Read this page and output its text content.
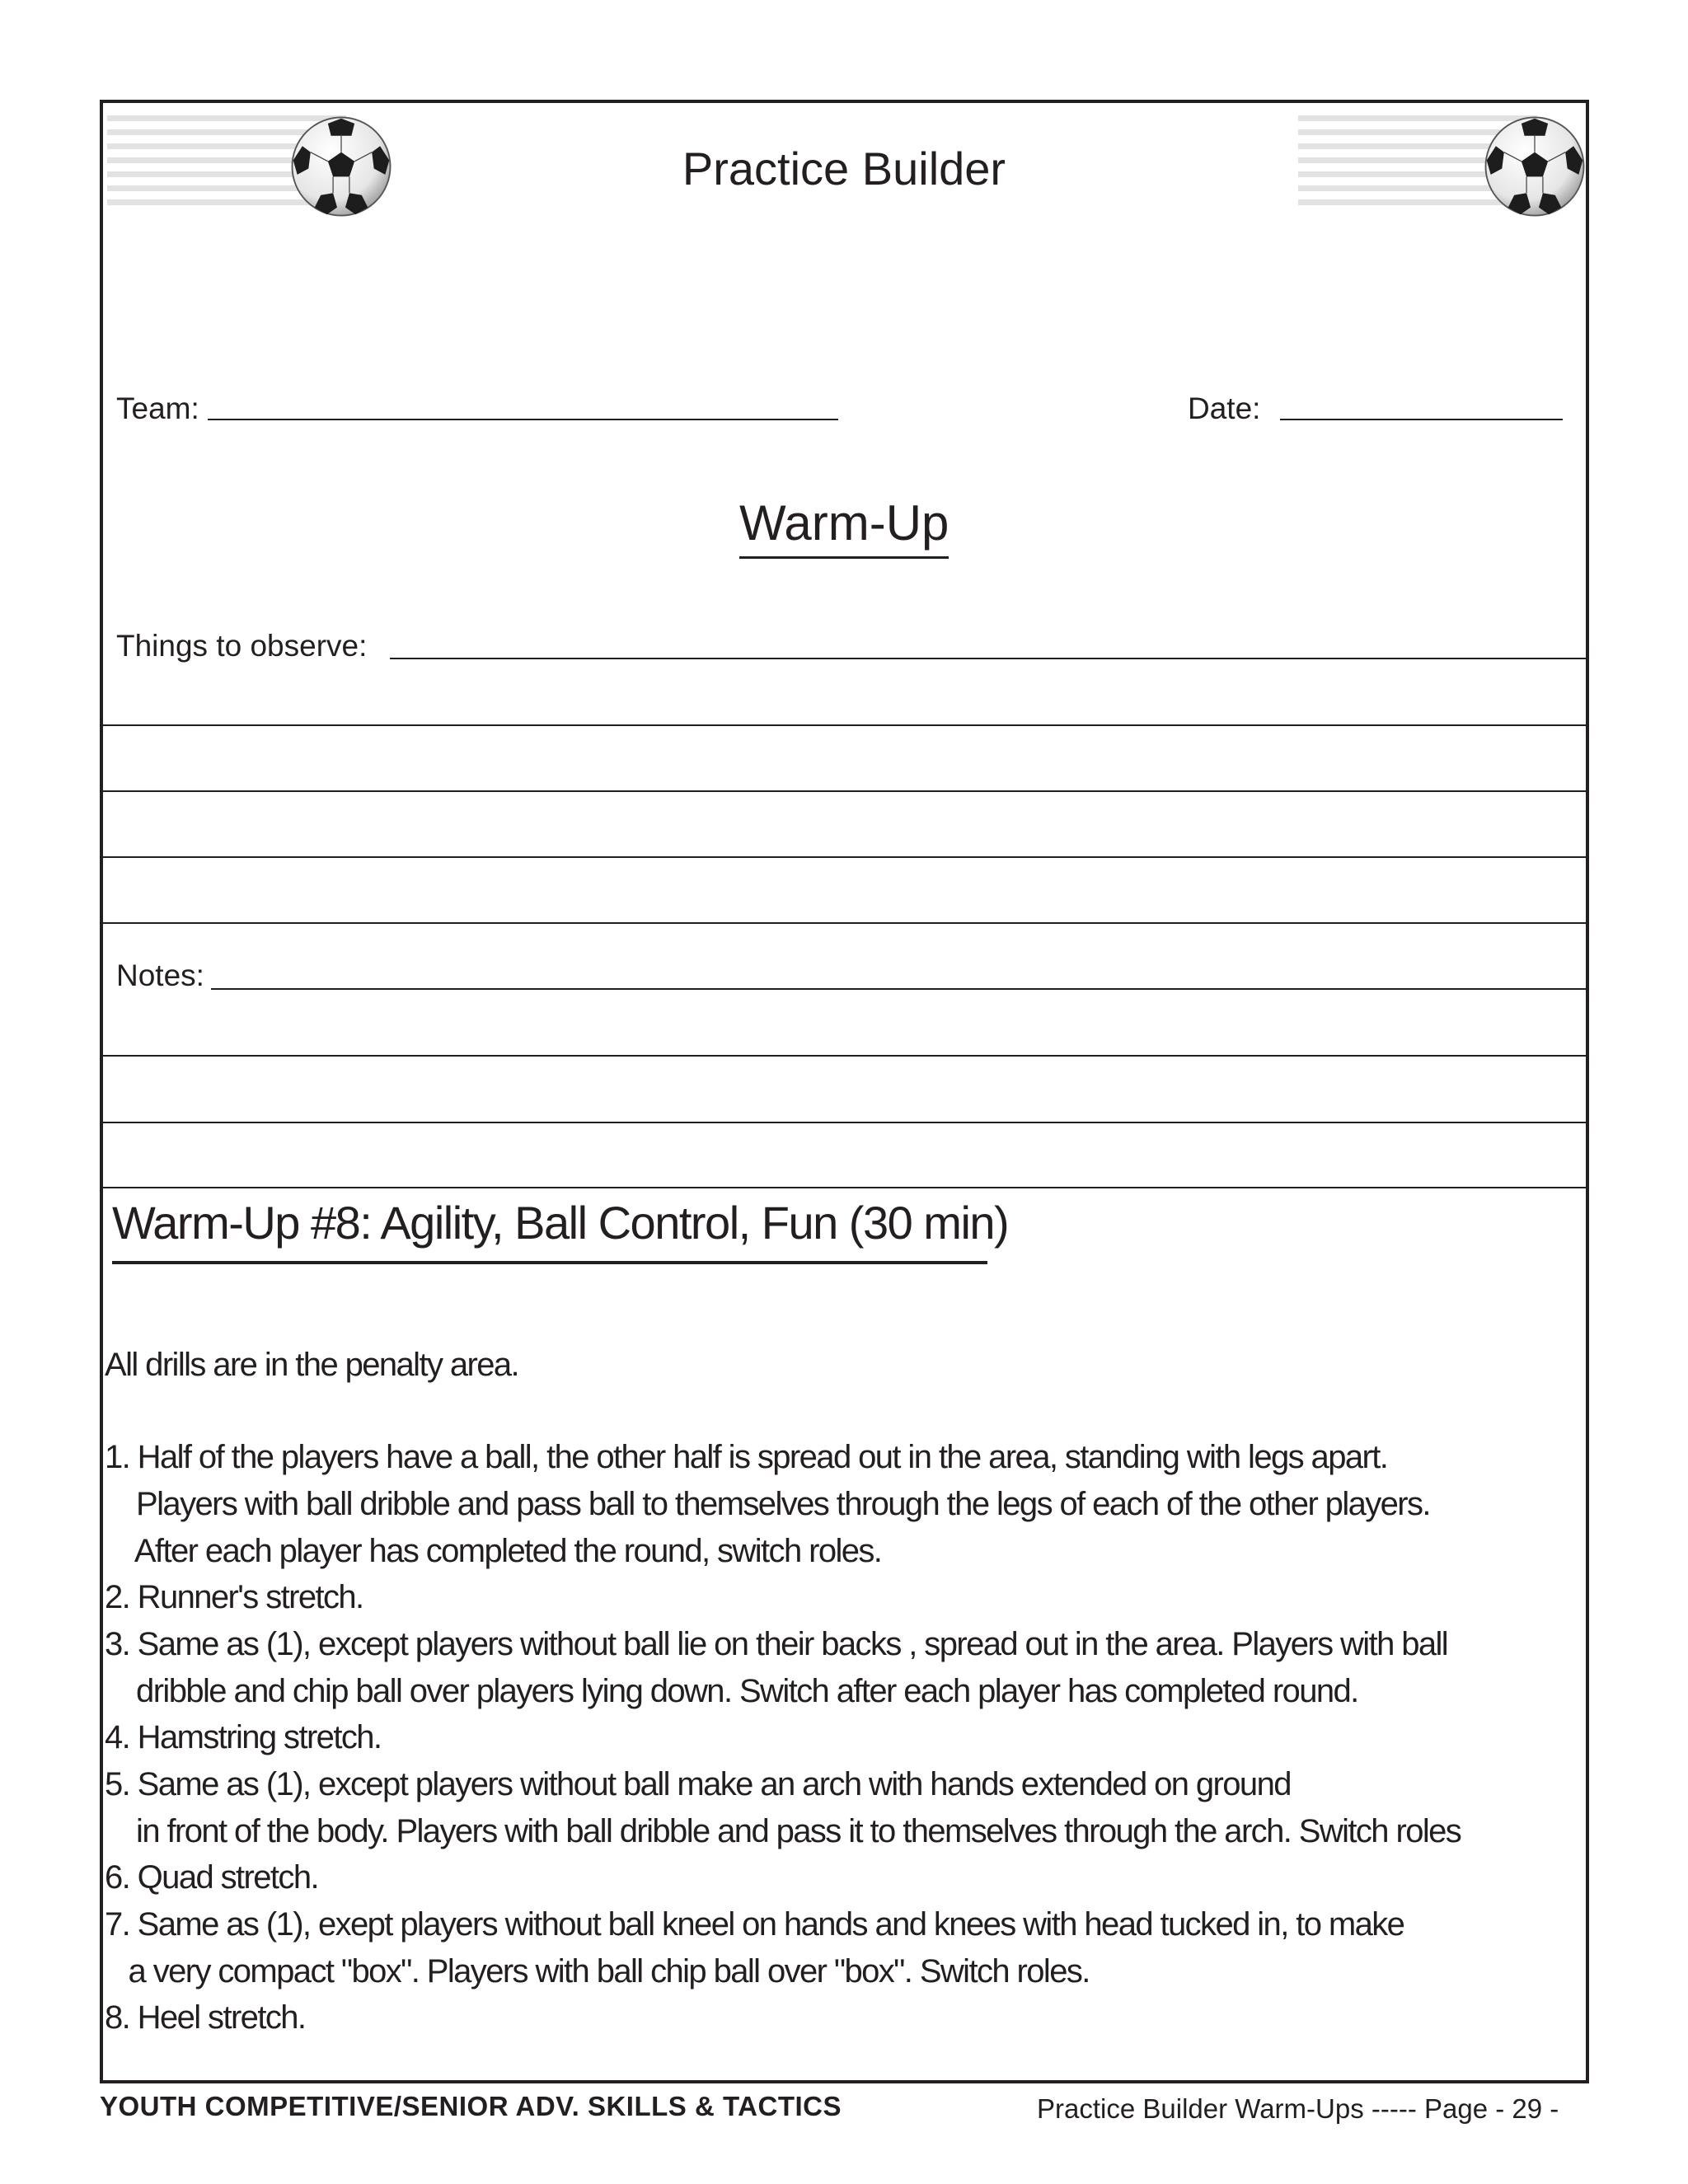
Practice Builder
Team:	Date:
Warm-Up
Things to observe:
Notes:
Warm-Up #8: Agility, Ball Control, Fun (30 min)
All drills are in the penalty area.
1. Half of the players have a ball, the other half is spread out in the area, standing with legs apart.
Players with ball dribble and pass ball to themselves through the legs of each of the other players.
After each player has completed the round, switch roles.
2. Runner's stretch.
3. Same as (1), except players without ball lie on their backs , spread out in the area. Players with ball
dribble and chip ball over players lying down. Switch after each player has completed round.
4. Hamstring stretch.
5. Same as (1), except players without ball make an arch with hands extended on ground
in front of the body. Players with ball dribble and pass it to themselves through the arch. Switch roles
6. Quad stretch.
7. Same as (1), exept players without ball kneel on hands and knees with head tucked in, to make
a very compact "box". Players with ball chip ball over "box". Switch roles.
8. Heel stretch.
YOUTH COMPETITIVE/SENIOR ADV. SKILLS & TACTICS	Practice Builder Warm-Ups ----- Page - 29 -
